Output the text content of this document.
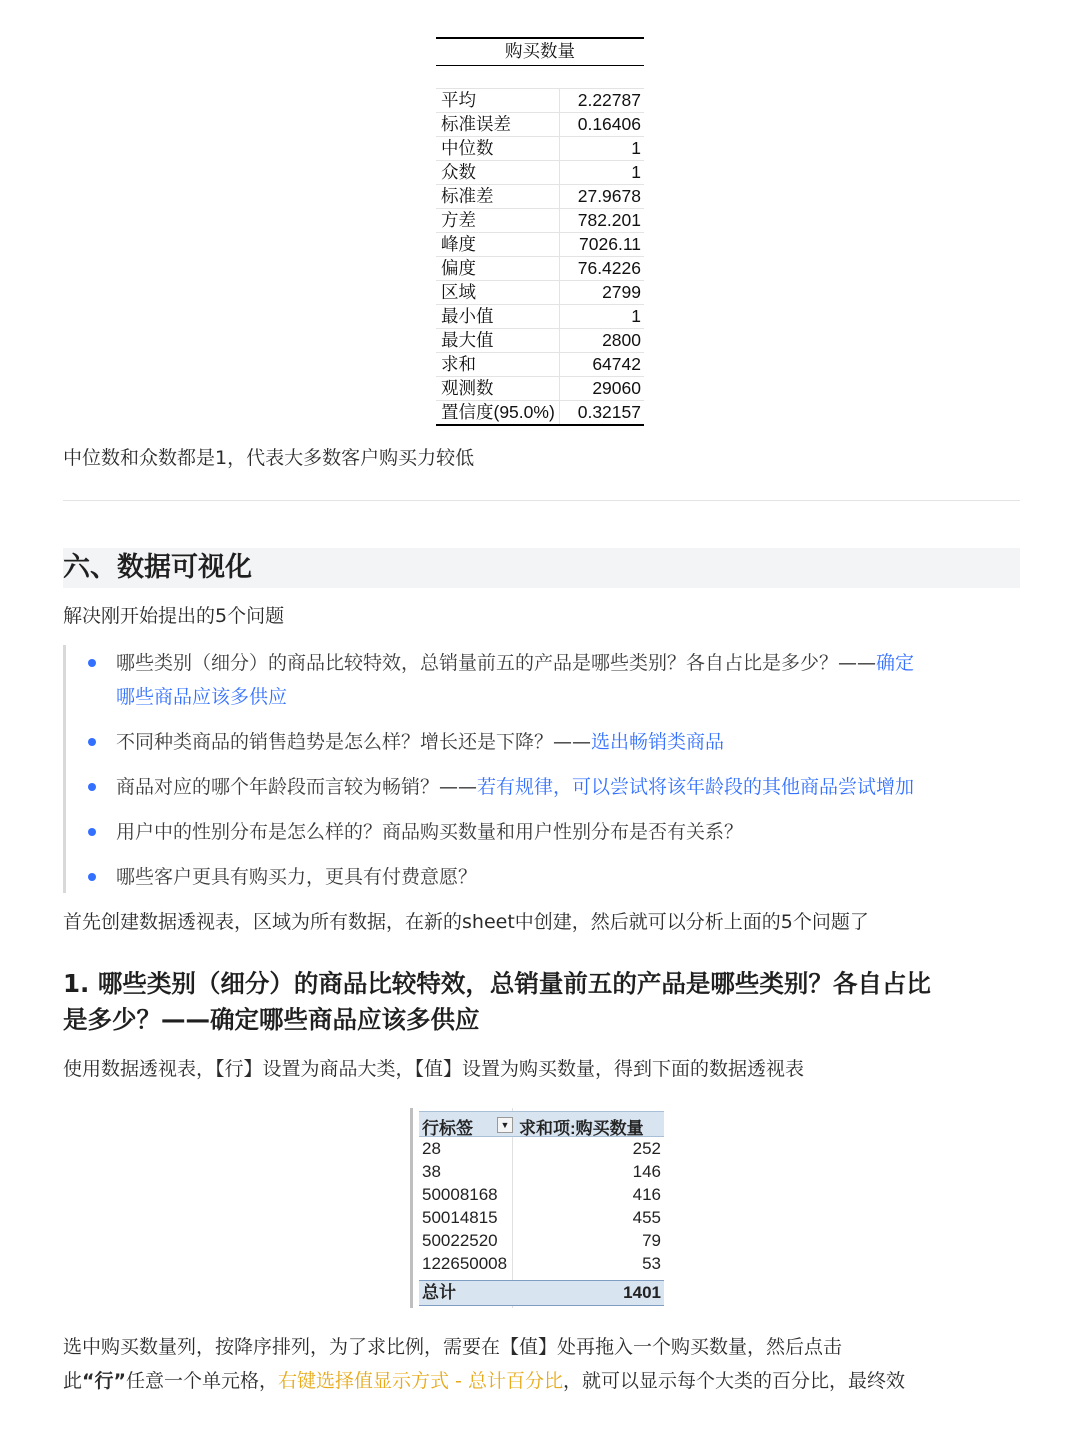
购买数量
平均	2.22787
标准误差	0.16406
中位数	1
众数	1
标准差	27.9678
方差	782.201
峰度	7026.11
偏度	76.4226
区域	2799
最小值	1
最大值	2800
求和	64742
观测数	29060
置信度(95.0%)	0.32157
中位数和众数都是1，代表大多数客户购买力较低
六、数据可视化
解决刚开始提出的5个问题
哪些类别（细分）的商品比较特效，总销量前五的产品是哪些类别？各自占比是多少？——确定
哪些商品应该多供应
不同种类商品的销售趋势是怎么样？增长还是下降？——选出畅销类商品
商品对应的哪个年龄段而言较为畅销？——若有规律，可以尝试将该年龄段的其他商品尝试增加
用户中的性别分布是怎么样的？商品购买数量和用户性别分布是否有关系？
哪些客户更具有购买力，更具有付费意愿？
首先创建数据透视表，区域为所有数据，在新的sheet中创建，然后就可以分析上面的5个问题了
1. 哪些类别（细分）的商品比较特效，总销量前五的产品是哪些类别？各自占比
是多少？——确定哪些商品应该多供应
使用数据透视表，【行】设置为商品大类，【值】设置为购买数量，得到下面的数据透视表
行标签	▼ 求和项:购买数量
28	252
38	146
50008168	416
50014815	455
50022520	79
122650008	53
总计	1401
选中购买数量列，按降序排列，为了求比例，需要在【值】处再拖入一个购买数量，然后点击
此“行”任意一个单元格，右键选择值显示方式 - 总计百分比，就可以显示每个大类的百分比，最终效
